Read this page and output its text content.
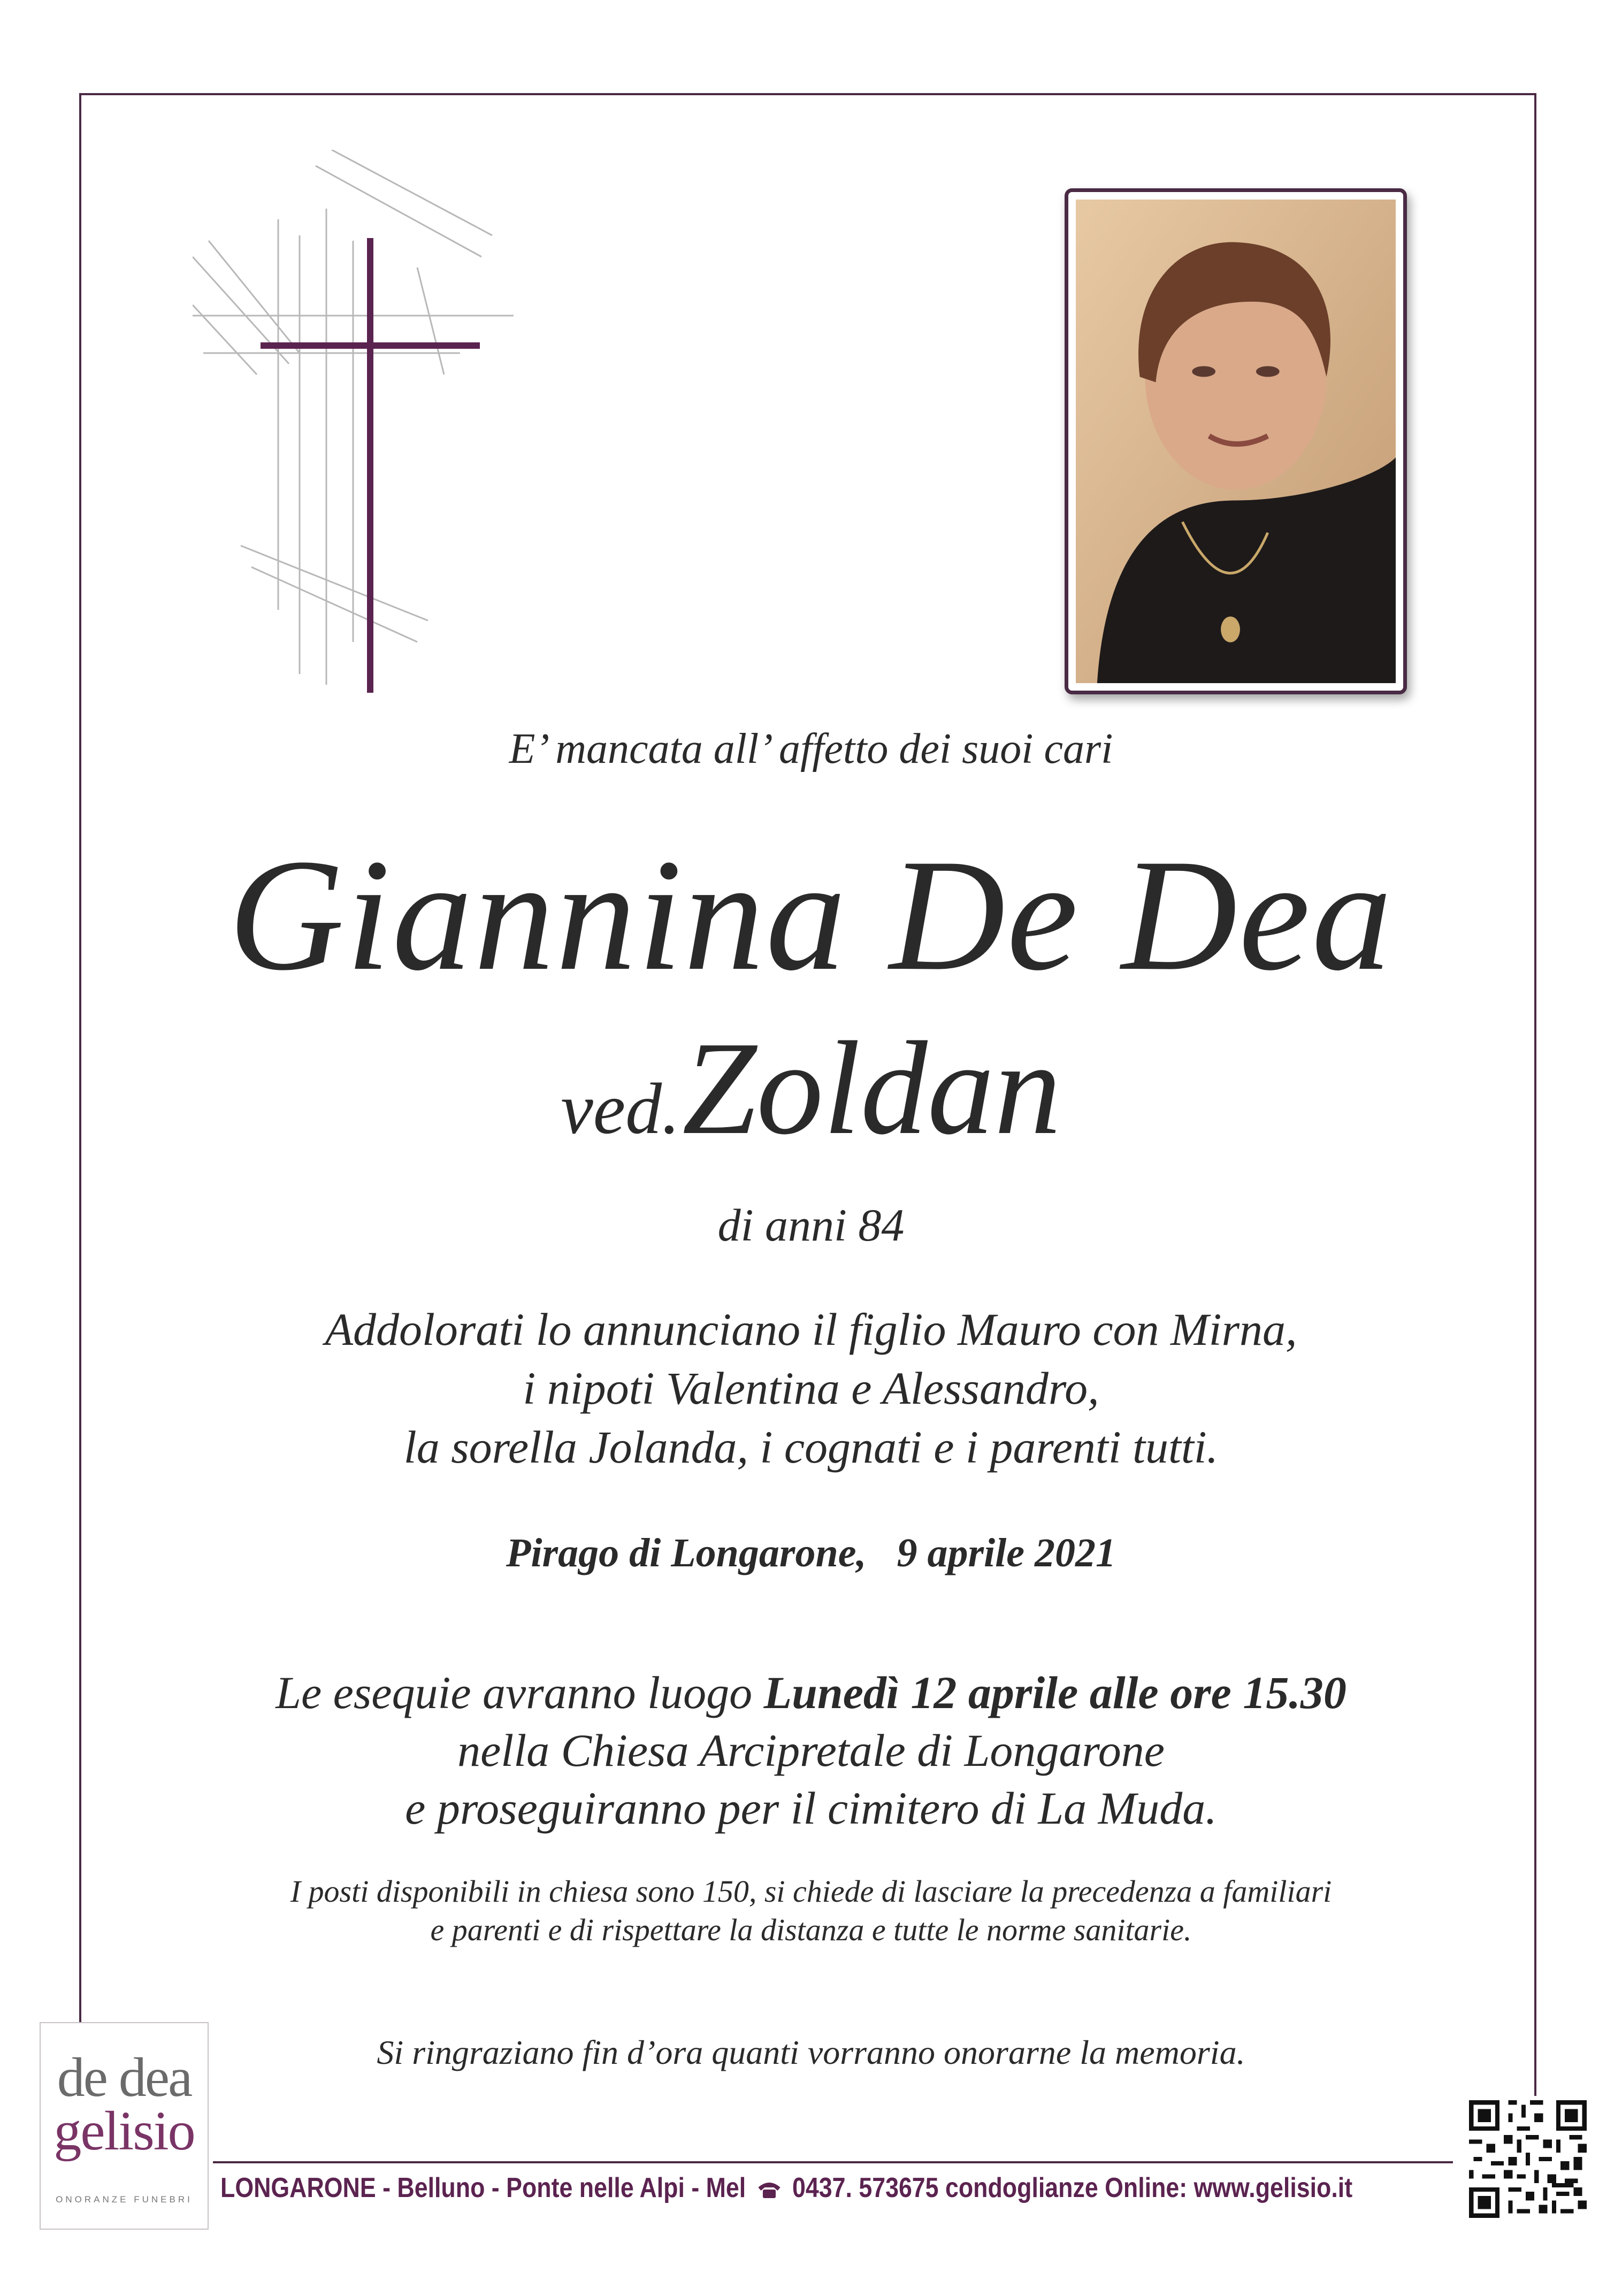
E’ mancata all’ affetto dei suoi cari
Giannina De Dea
ved. Zoldan
di anni 84
Addolorati lo annunciano il figlio Mauro con Mirna,
i nipoti Valentina e Alessandro,
la sorella Jolanda, i cognati e i parenti tutti.
Pirago di Longarone,   9 aprile 2021
Le esequie avranno luogo Lunedì 12 aprile alle ore 15.30
nella Chiesa Arcipretale di Longarone
e proseguiranno per il cimitero di La Muda.
I posti disponibili in chiesa sono 150, si chiede di lasciare la precedenza a familiari
e parenti e di rispettare la distanza e tutte le norme sanitarie.
Si ringraziano fin d’ora quanti vorranno onorarne la memoria.
de dea
gelisio
ONORANZE FUNEBRI	LONGARONE - Belluno - Ponte nelle Alpi - Mel 0437. 573675 condoglianze Online: www.gelisio.it
